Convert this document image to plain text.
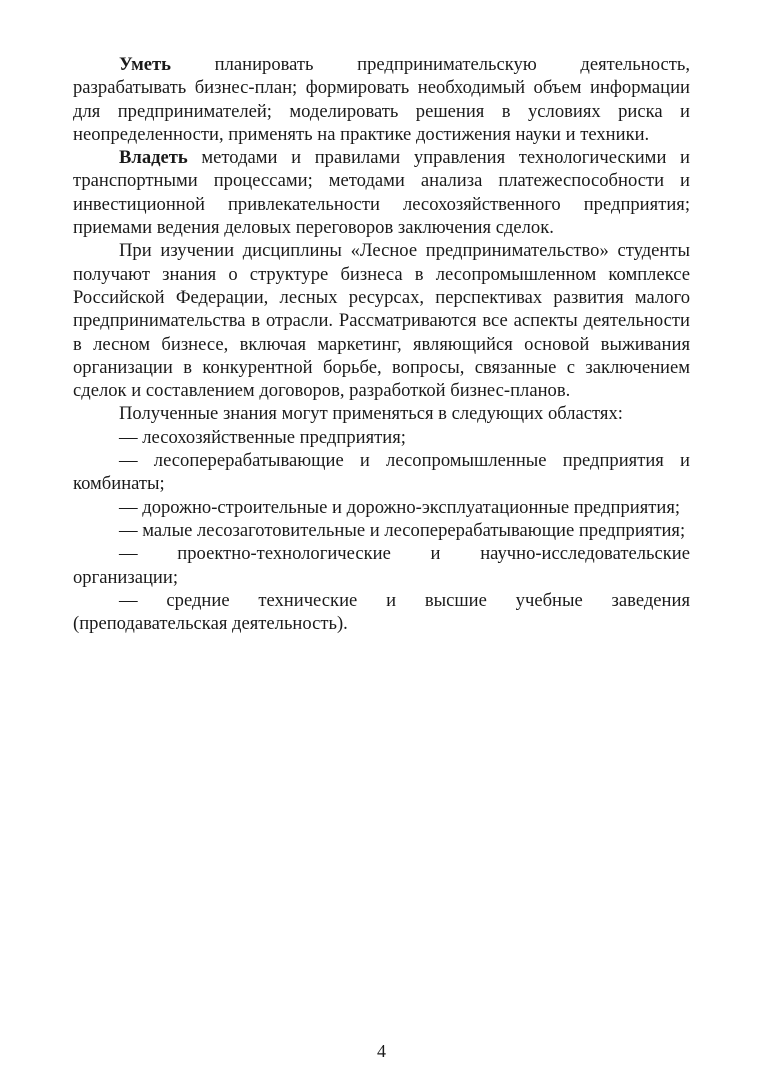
Уметь планировать предпринимательскую деятельность, разрабатывать бизнес-план; формировать необходимый объем информации для предпринимателей; моделировать решения в условиях риска и неопределенности, применять на практике достижения науки и техники.

Владеть методами и правилами управления технологическими и транспортными процессами; методами анализа платежеспособности и инвестиционной привлекательности лесохозяйственного предприятия; приемами ведения деловых переговоров заключения сделок.

При изучении дисциплины «Лесное предпринимательство» студенты получают знания о структуре бизнеса в лесопромышленном комплексе Российской Федерации, лесных ресурсах, перспективах развития малого предпринимательства в отрасли. Рассматриваются все аспекты деятельности в лесном бизнесе, включая маркетинг, являющийся основой выживания организации в конкурентной борьбе, вопросы, связанные с заключением сделок и составлением договоров, разработкой бизнес-планов.

Полученные знания могут применяться в следующих областях:

— лесохозяйственные предприятия;

— лесоперерабатывающие и лесопромышленные предприятия и комбинаты;

— дорожно-строительные и дорожно-эксплуатационные предприятия;

— малые лесозаготовительные и лесоперерабатывающие предприятия;

— проектно-технологические и научно-исследовательские организации;

— средние технические и высшие учебные заведения (преподавательская деятельность).

4
